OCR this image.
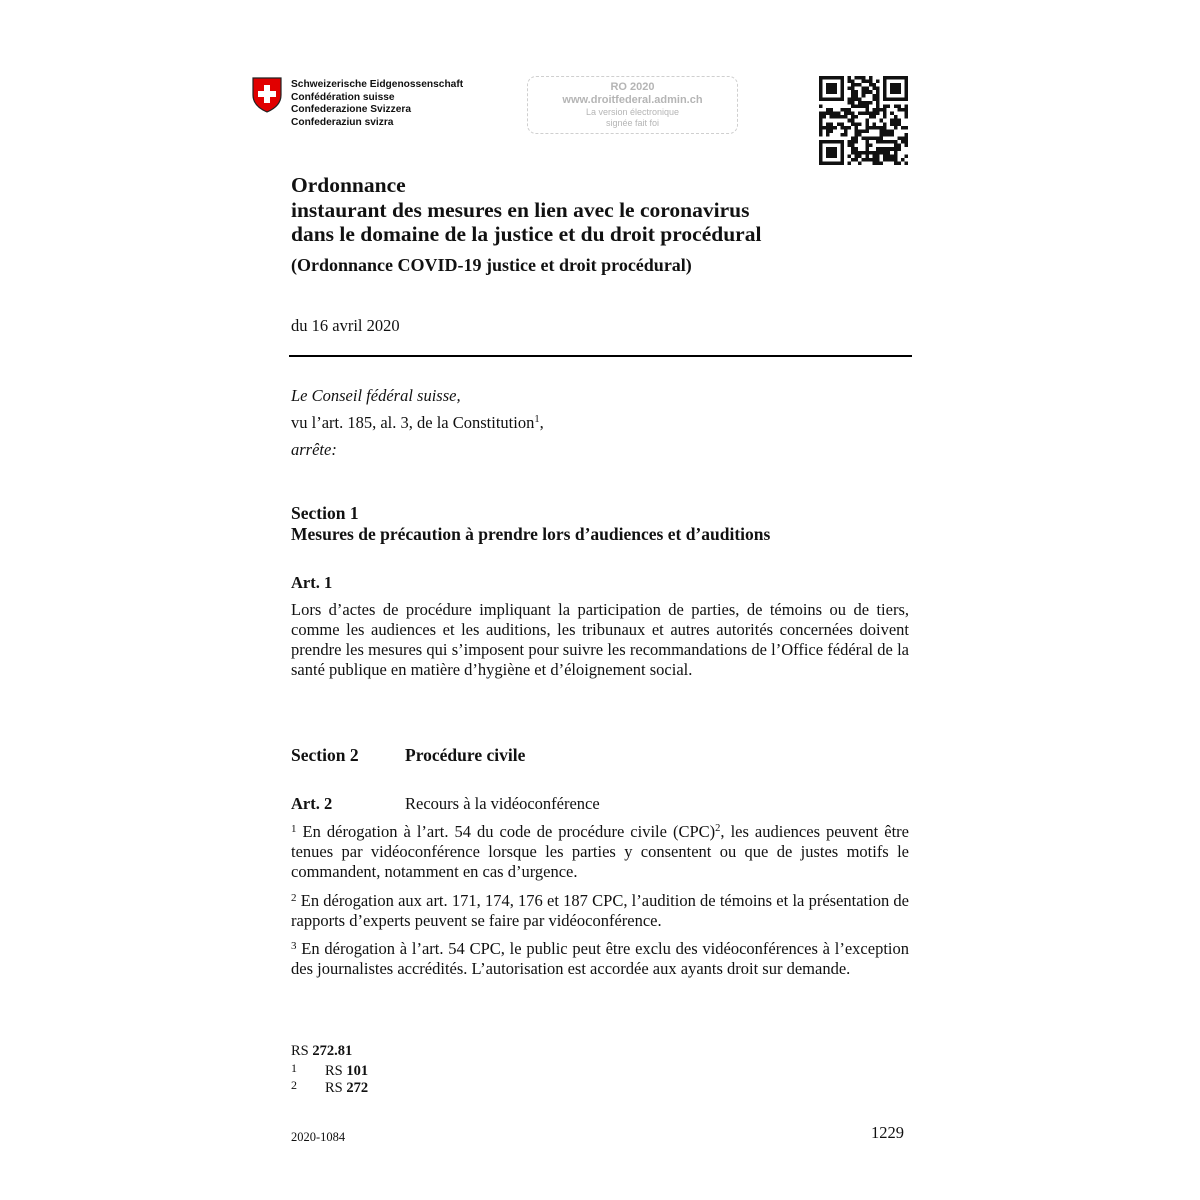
Schweizerische Eidgenossenschaft
Confédération suisse
Confederazione Svizzera
Confederaziun svizra
RO 2020
www.droitfederal.admin.ch
La version électronique
signée fait foi
Ordonnance
instaurant des mesures en lien avec le coronavirus
dans le domaine de la justice et du droit procédural
(Ordonnance COVID-19 justice et droit procédural)
du 16 avril 2020
Le Conseil fédéral suisse,
vu l’art. 185, al. 3, de la Constitution$^1$,
arrête:
Section 1
Mesures de précaution à prendre lors d’audiences et d’auditions
Art. 1
Lors d’actes de procédure impliquant la participation de parties, de témoins ou de tiers, comme les audiences et les auditions, les tribunaux et autres autorités concernées doivent prendre les mesures qui s’imposent pour suivre les recommandations de l’Office fédéral de la santé publique en matière d’hygiène et d’éloignement social.
Section 2	Procédure civile
Art. 2	Recours à la vidéoconférence
$^1$ En dérogation à l’art. 54 du code de procédure civile (CPC)$^2$, les audiences peuvent être tenues par vidéoconférence lorsque les parties y consentent ou que de justes motifs le commandent, notamment en cas d’urgence.
$^2$ En dérogation aux art. 171, 174, 176 et 187 CPC, l’audition de témoins et la présentation de rapports d’experts peuvent se faire par vidéoconférence.
$^3$ En dérogation à l’art. 54 CPC, le public peut être exclu des vidéoconférences à l’exception des journalistes accrédités. L’autorisation est accordée aux ayants droit sur demande.
RS 272.81
1 RS 101
2 RS 272
2020-1084	1229
